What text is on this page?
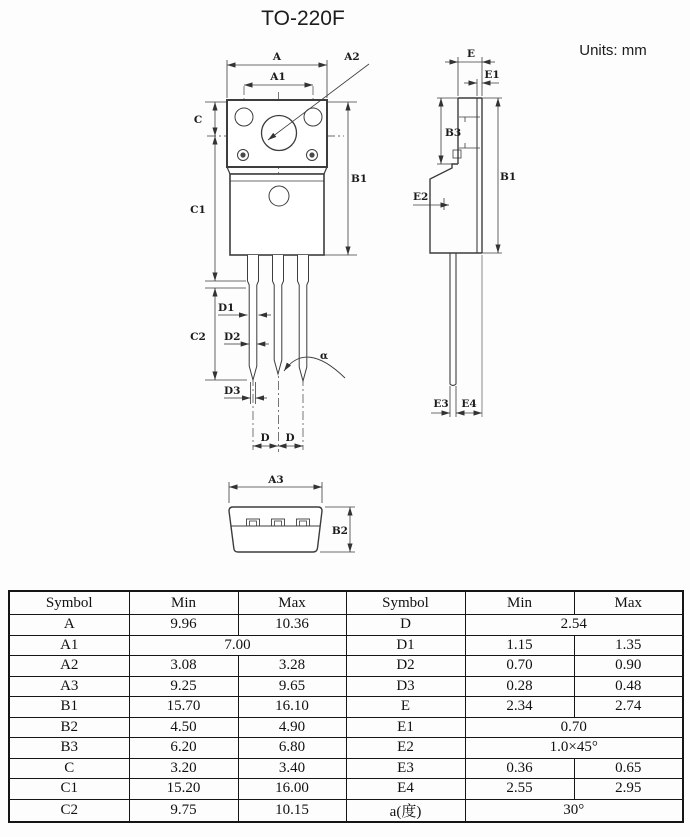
TO-220F
Units: mm
A
A1
A2
C
C1
C2
B1
D1
D2
D3
D D
α
E
E1
B3
B1
E2
E3 E4
A3
B2
Symbol	Min	Max	Symbol	Min	Max
A	9.96	10.36	D	2.54	
A1	7.00		D1	1.15	1.35
A2	3.08	3.28	D2	0.70	0.90
A3	9.25	9.65	D3	0.28	0.48
B1	15.70	16.10	E	2.34	2.74
B2	4.50	4.90	E1	0.70	
B3	6.20	6.80	E2	1.0×45°	
C	3.20	3.40	E3	0.36	0.65
C1	15.20	16.00	E4	2.55	2.95
C2	9.75	10.15	a(度)	30°	
